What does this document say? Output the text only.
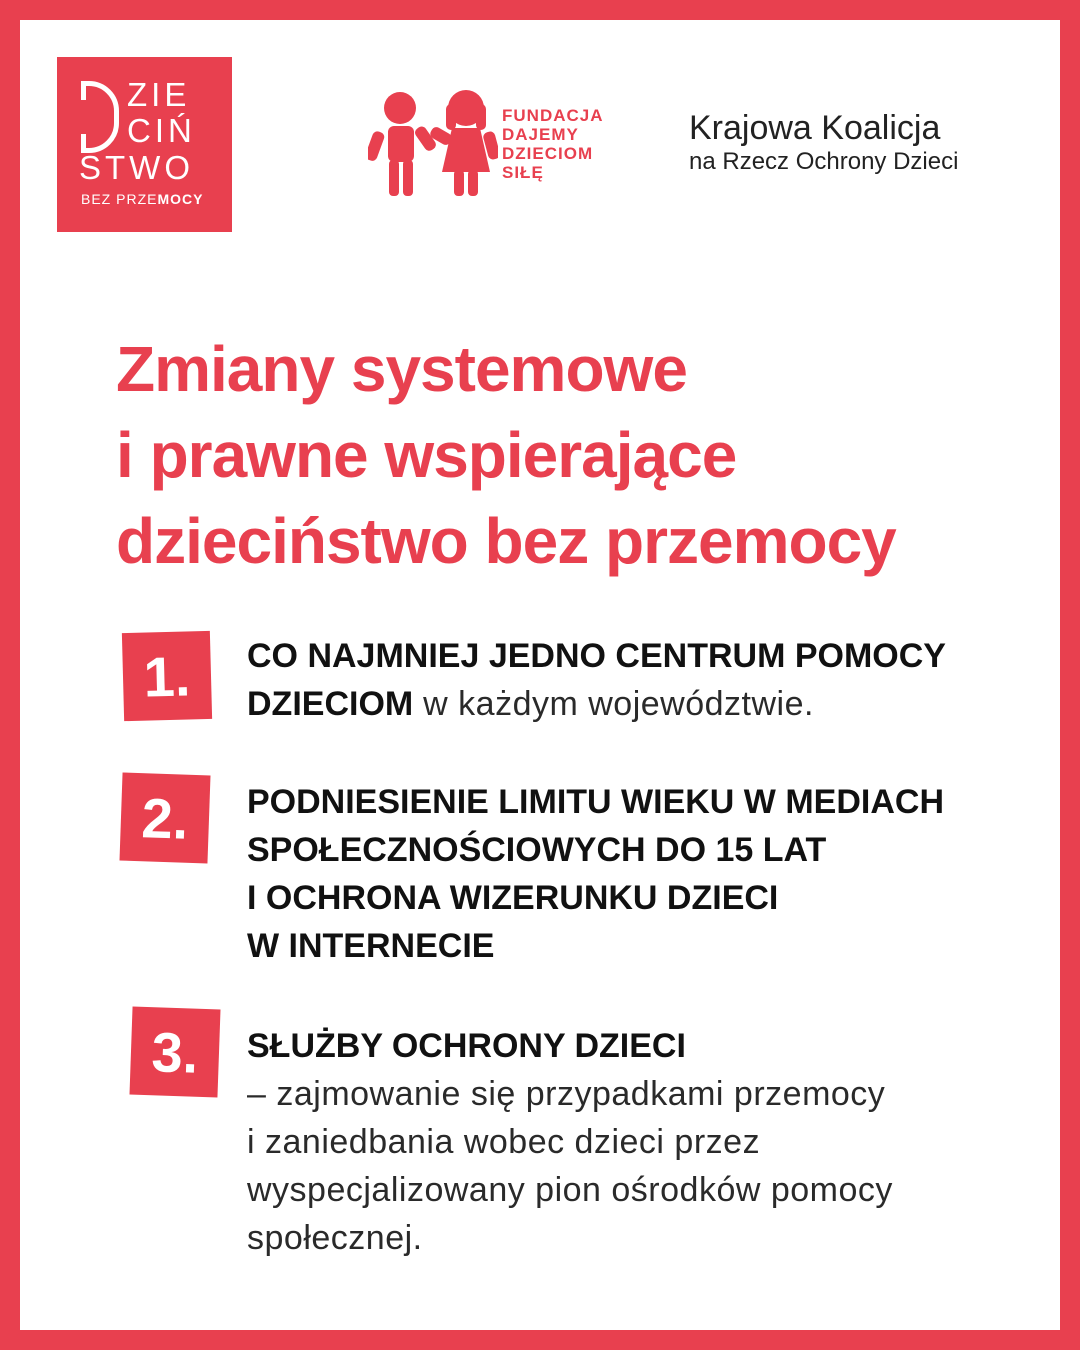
ZIE
CIŃ
STWO
BEZ PRZEMOCY
FUNDACJA
DAJEMY
DZIECIOM
SIŁĘ
Krajowa Koalicja
na Rzecz Ochrony Dzieci
Zmiany systemowe
i prawne wspierające
dzieciństwo bez przemocy
1.	CO NAJMNIEJ JEDNO CENTRUM POMOCY
DZIECIOM w każdym województwie.
2.	PODNIESIENIE LIMITU WIEKU W MEDIACH
SPOŁECZNOŚCIOWYCH DO 15 LAT
I OCHRONA WIZERUNKU DZIECI
W INTERNECIE
3.	SŁUŻBY OCHRONY DZIECI
– zajmowanie się przypadkami przemocy
i zaniedbania wobec dzieci przez
wyspecjalizowany pion ośrodków pomocy
społecznej.
